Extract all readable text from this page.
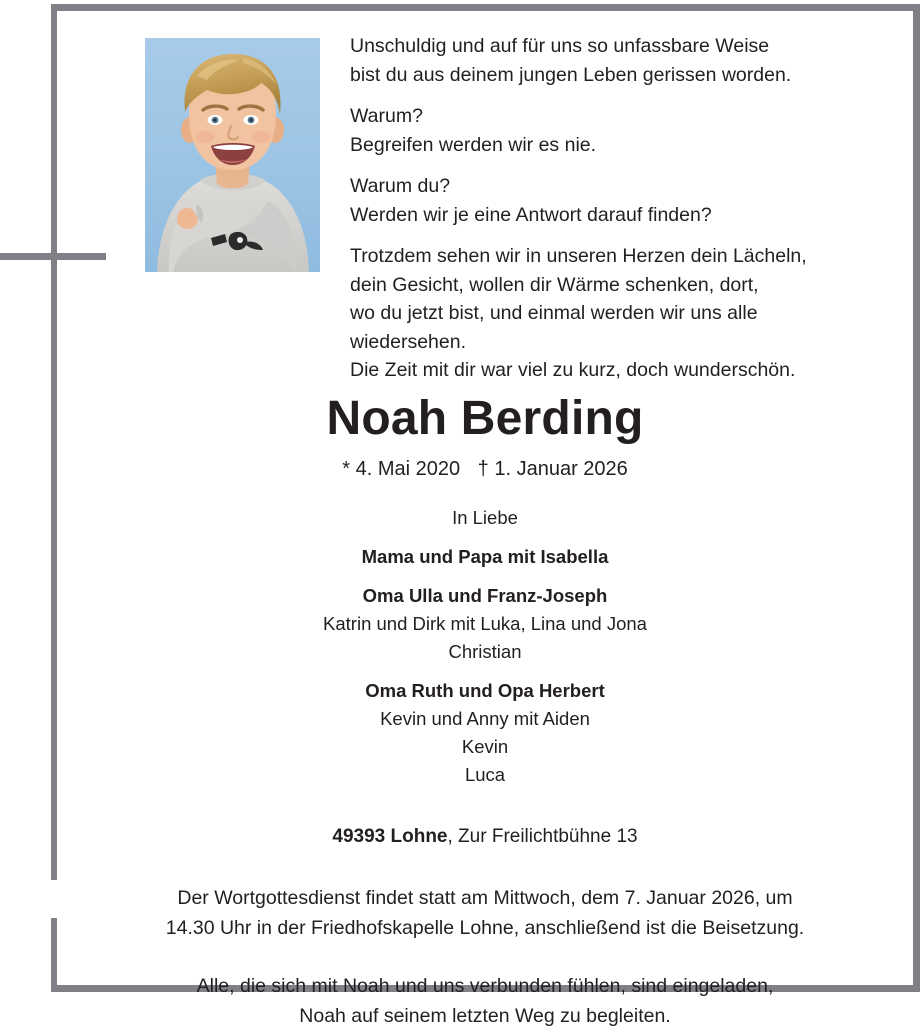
Unschuldig und auf für uns so unfassbare Weise
bist du aus deinem jungen Leben gerissen worden.

Warum?
Begreifen werden wir es nie.

Warum du?
Werden wir je eine Antwort darauf finden?

Trotzdem sehen wir in unseren Herzen dein Lächeln,
dein Gesicht, wollen dir Wärme schenken, dort,
wo du jetzt bist, und einmal werden wir uns alle
wiedersehen.
Die Zeit mit dir war viel zu kurz, doch wunderschön.

Noah Berding
* 4. Mai 2020 † 1. Januar 2026
In Liebe
Mama und Papa mit Isabella
Oma Ulla und Franz-Joseph
Katrin und Dirk mit Luka, Lina und Jona
Christian
Oma Ruth und Opa Herbert
Kevin und Anny mit Aiden
Kevin
Luca
49393 Lohne, Zur Freilichtbühne 13
Der Wortgottesdienst findet statt am Mittwoch, dem 7. Januar 2026, um
14.30 Uhr in der Friedhofskapelle Lohne, anschließend ist die Beisetzung.
Alle, die sich mit Noah und uns verbunden fühlen, sind eingeladen,
Noah auf seinem letzten Weg zu begleiten.
